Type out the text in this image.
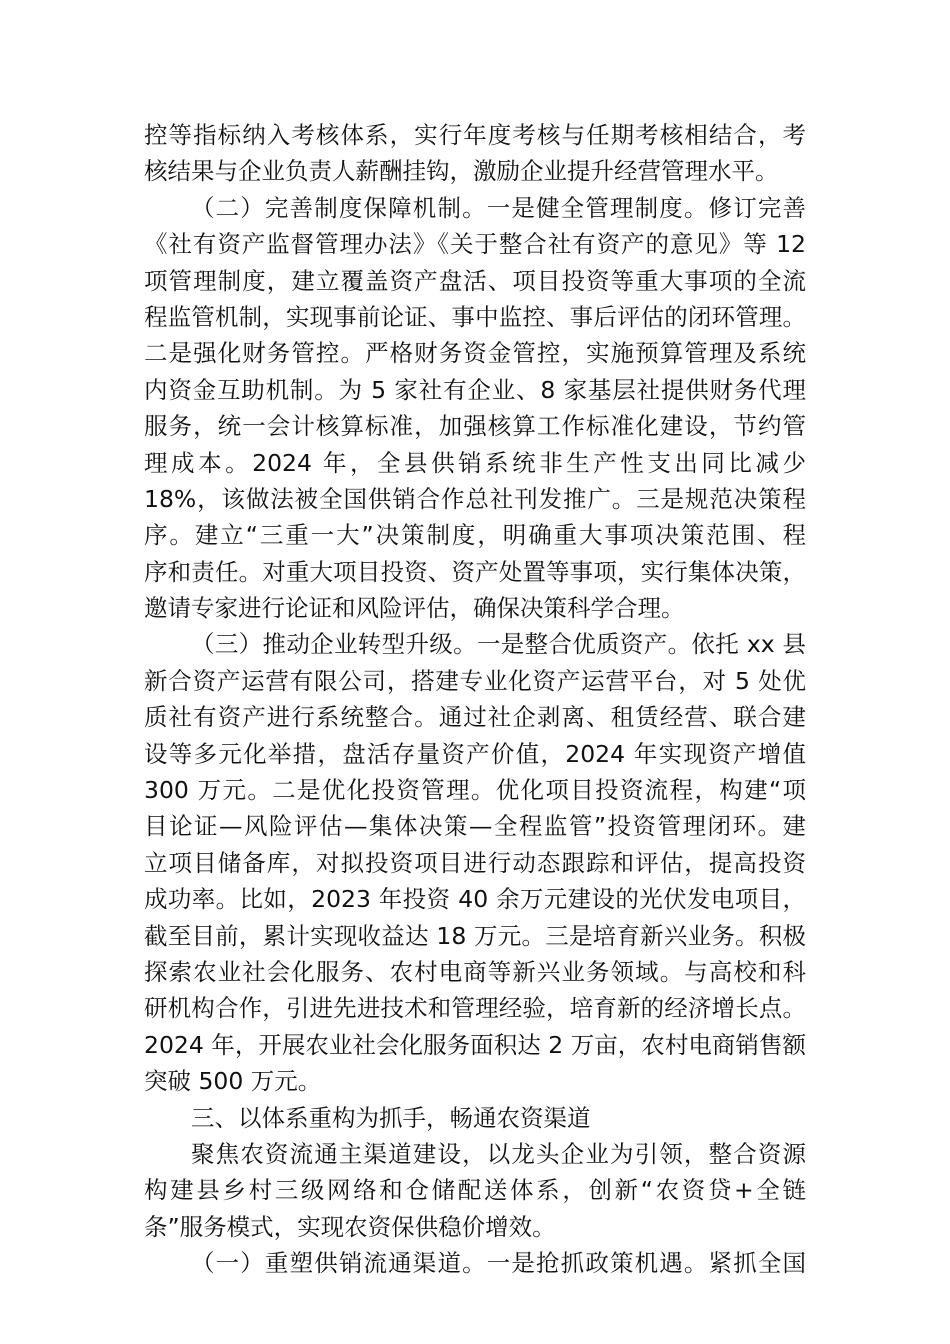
控等指标纳入考核体系，实行年度考核与任期考核相结合，考
核结果与企业负责人薪酬挂钩，激励企业提升经营管理水平。
（二）完善制度保障机制。一是健全管理制度。修订完善
《社有资产监督管理办法》《关于整合社有资产的意见》等 12
项管理制度，建立覆盖资产盘活、项目投资等重大事项的全流
程监管机制，实现事前论证、事中监控、事后评估的闭环管理。
二是强化财务管控。严格财务资金管控，实施预算管理及系统
内资金互助机制。为 5 家社有企业、8 家基层社提供财务代理
服务，统一会计核算标准，加强核算工作标准化建设，节约管
理成本。2024 年，全县供销系统非生产性支出同比减少
18%，该做法被全国供销合作总社刊发推广。三是规范决策程
序。建立“三重一大”决策制度，明确重大事项决策范围、程
序和责任。对重大项目投资、资产处置等事项，实行集体决策，
邀请专家进行论证和风险评估，确保决策科学合理。
（三）推动企业转型升级。一是整合优质资产。依托 xx 县
新合资产运营有限公司，搭建专业化资产运营平台，对 5 处优
质社有资产进行系统整合。通过社企剥离、租赁经营、联合建
设等多元化举措，盘活存量资产价值，2024 年实现资产增值
300 万元。二是优化投资管理。优化项目投资流程，构建“项
目论证—风险评估—集体决策—全程监管”投资管理闭环。建
立项目储备库，对拟投资项目进行动态跟踪和评估，提高投资
成功率。比如，2023 年投资 40 余万元建设的光伏发电项目，
截至目前，累计实现收益达 18 万元。三是培育新兴业务。积极
探索农业社会化服务、农村电商等新兴业务领域。与高校和科
研机构合作，引进先进技术和管理经验，培育新的经济增长点。
2024 年，开展农业社会化服务面积达 2 万亩，农村电商销售额
突破 500 万元。
三、以体系重构为抓手，畅通农资渠道
聚焦农资流通主渠道建设，以龙头企业为引领，整合资源
构建县乡村三级网络和仓储配送体系，创新“农资贷+全链
条”服务模式，实现农资保供稳价增效。
（一）重塑供销流通渠道。一是抢抓政策机遇。紧抓全国
